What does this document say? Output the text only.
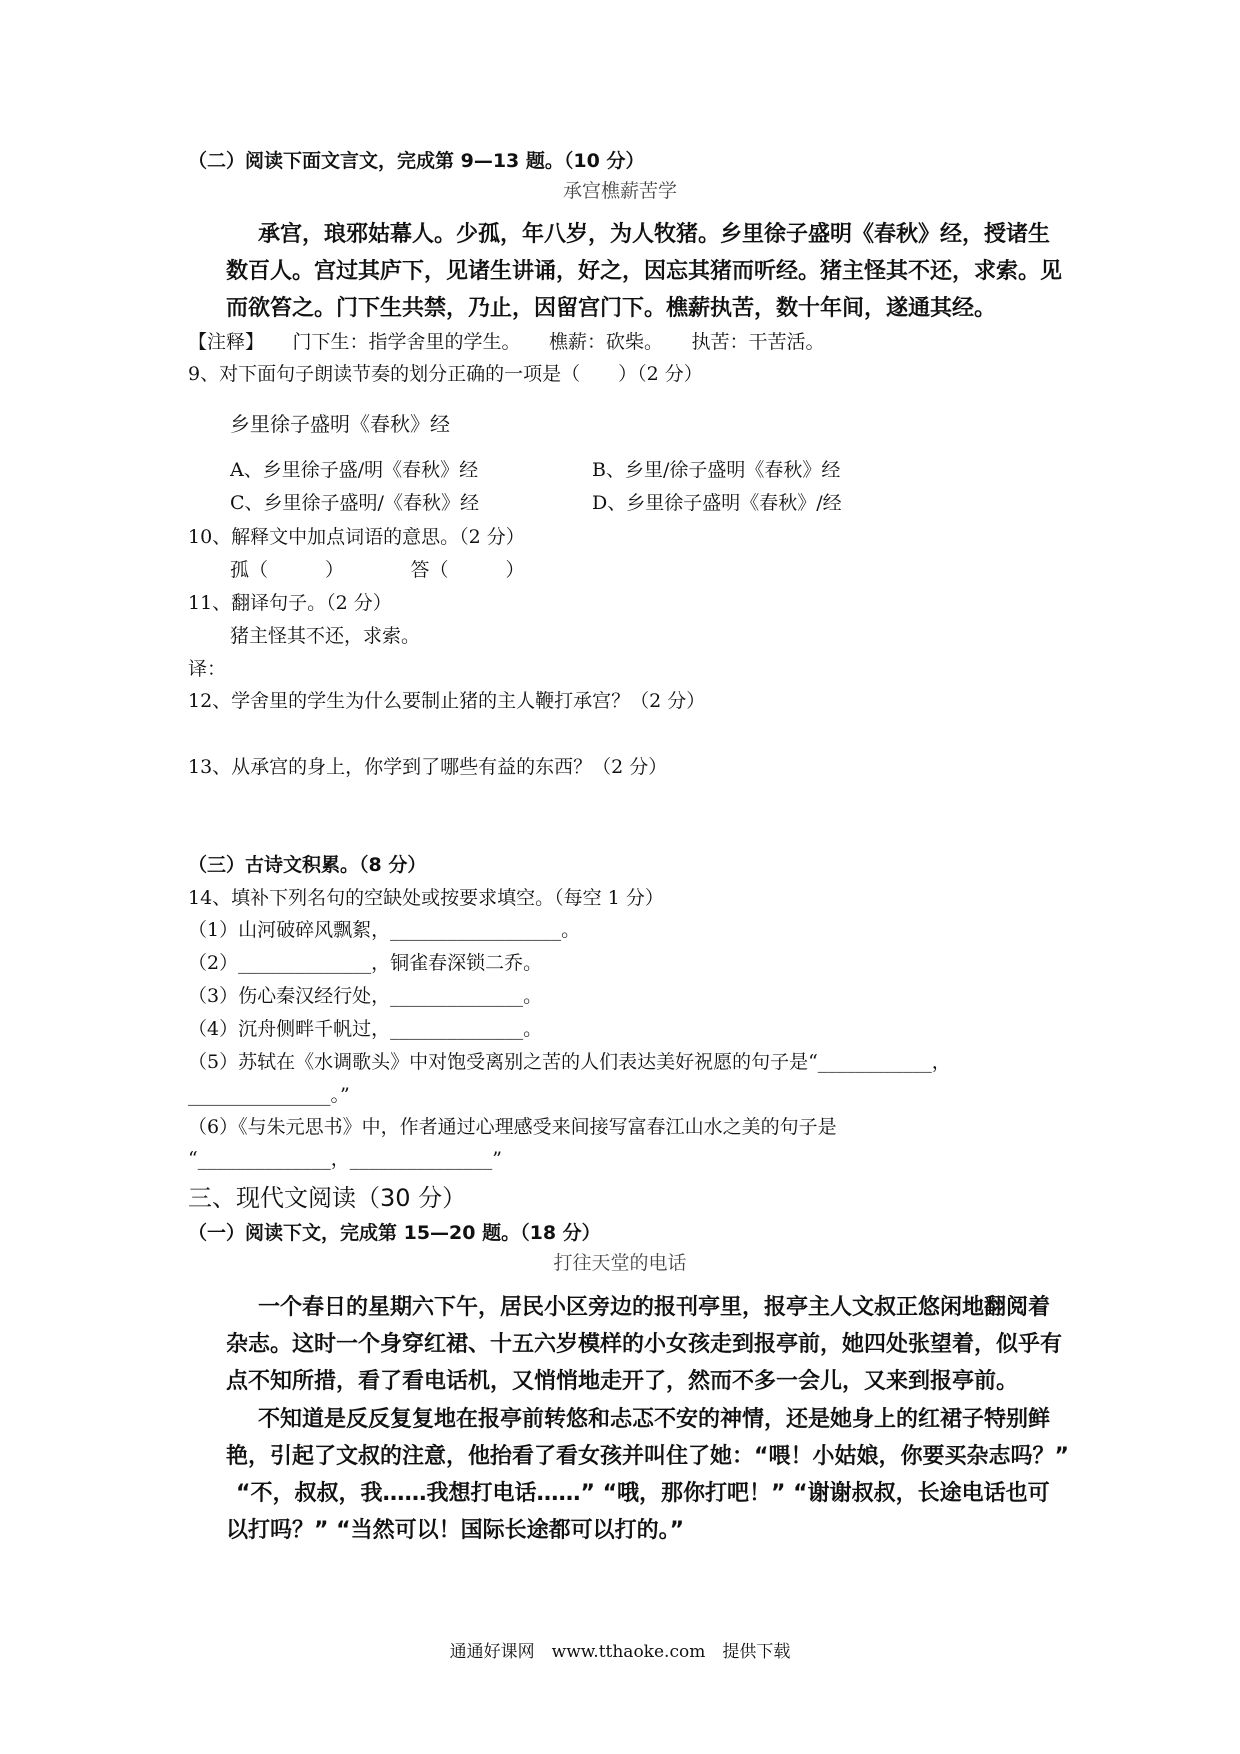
（二）阅读下面文言文，完成第 9—13 题。（10 分）
承宫樵薪苦学
承宫，琅邪姑幕人。少孤，年八岁，为人牧猪。乡里徐子盛明《春秋》经，授诸生
数百人。宫过其庐下，见诸生讲诵，好之，因忘其猪而听经。猪主怪其不还，求索。见
而欲笞之。门下生共禁，乃止，因留宫门下。樵薪执苦，数十年间，遂通其经。
【注释】　　门下生：指学舍里的学生。　　樵薪：砍柴。　　执苦：干苦活。
9、对下面句子朗读节奏的划分正确的一项是（　　）（2 分）
乡里徐子盛明《春秋》经
A、乡里徐子盛/明《春秋》经	B、乡里/徐子盛明《春秋》经
C、乡里徐子盛明/《春秋》经	D、乡里徐子盛明《春秋》/经
10、解释文中加点词语的意思。（2 分）
孤（　　　）　　　　答（　　　）
11、翻译句子。（2 分）
猪主怪其不还，求索。
译：
12、学舍里的学生为什么要制止猪的主人鞭打承宫？（2 分）
13、从承宫的身上，你学到了哪些有益的东西？（2 分）
（三）古诗文积累。（8 分）
14、填补下列名句的空缺处或按要求填空。（每空 1 分）
（1）山河破碎风飘絮，__________________。
（2）______________，铜雀春深锁二乔。
（3）伤心秦汉经行处，______________。
（4）沉舟侧畔千帆过，______________。
（5）苏轼在《水调歌头》中对饱受离别之苦的人们表达美好祝愿的句子是“____________，
_______________。”
（6）《与朱元思书》中，作者通过心理感受来间接写富春江山水之美的句子是
“______________，_______________”
三、现代文阅读（30 分）
（一）阅读下文，完成第 15—20 题。（18 分）
打往天堂的电话
　一个春日的星期六下午，居民小区旁边的报刊亭里，报亭主人文叔正悠闲地翻阅着
杂志。这时一个身穿红裙、十五六岁模样的小女孩走到报亭前，她四处张望着，似乎有
点不知所措，看了看电话机，又悄悄地走开了，然而不多一会儿，又来到报亭前。
　不知道是反反复复地在报亭前转悠和忐忑不安的神情，还是她身上的红裙子特别鲜
艳，引起了文叔的注意，他抬看了看女孩并叫住了她：“喂！小姑娘，你要买杂志吗？”
“不，叔叔，我……我想打电话……” “哦，那你打吧！” “谢谢叔叔，长途电话也可
以打吗？” “当然可以！国际长途都可以打的。”
通通好课网　www.tthaoke.com　提供下载
